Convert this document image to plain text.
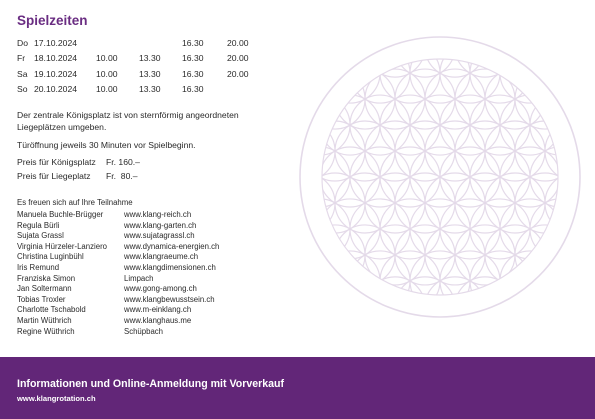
Spielzeiten
Do	17.10.2024			16.30	20.00
Fr	18.10.2024	10.00	13.30	16.30	20.00
Sa	19.10.2024	10.00	13.30	16.30	20.00
So	20.10.2024	10.00	13.30	16.30	

Der zentrale Königsplatz ist von sternförmig angeordneten Liegeplätzen umgeben.

Türöffnung jeweils 30 Minuten vor Spielbeginn.

Preis für Königsplatz Fr. 160.–
Preis für Liegeplatz Fr.  80.–

Es freuen sich auf Ihre Teilnahme

Manuela Buchle-Brügger	www.klang-reich.ch
Regula Bürli	www.klang-garten.ch
Sujata Grassl	www.sujatagrassl.ch
Virginia Hürzeler-Lanziero www.dynamica-energien.ch
Christina Luginbühl	www.klangraeume.ch
Iris Remund	www.klangdimensionen.ch
Franziska Simon	Limpach
Jan Soltermann	www.gong-among.ch
Tobias Troxler	www.klangbewusstsein.ch
Charlotte Tschabold	www.m-einklang.ch
Martin Wüthrich	www.klanghaus.me
Regine Wüthrich	Schüpbach

Informationen und Online-Anmeldung mit Vorverkauf

www.klangrotation.ch
